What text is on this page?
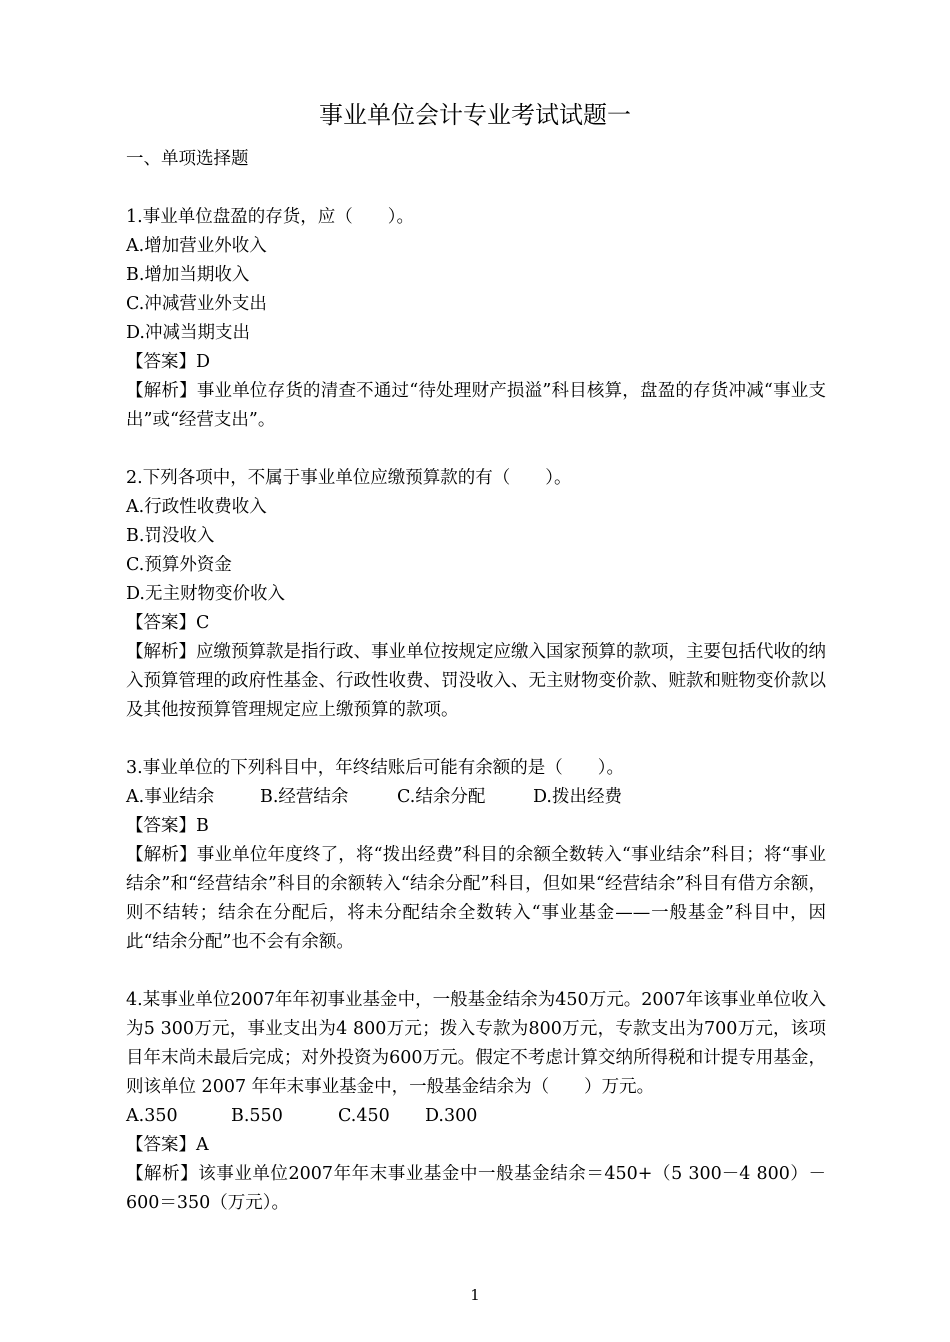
事业单位会计专业考试试题一
一、单项选择题
1.事业单位盘盈的存货，应（　　）。
A.增加营业外收入
B.增加当期收入
C.冲减营业外支出
D.冲减当期支出
【答案】D
【解析】事业单位存货的清查不通过“待处理财产损溢”科目核算，盘盈的存货冲减“事业支出”或“经营支出”。
2.下列各项中，不属于事业单位应缴预算款的有（　　）。
A.行政性收费收入
B.罚没收入
C.预算外资金
D.无主财物变价收入
【答案】C
【解析】应缴预算款是指行政、事业单位按规定应缴入国家预算的款项，主要包括代收的纳入预算管理的政府性基金、行政性收费、罚没收入、无主财物变价款、赃款和赃物变价款以及其他按预算管理规定应上缴预算的款项。
3.事业单位的下列科目中，年终结账后可能有余额的是（　　）。
A.事业结余	B.经营结余	C.结余分配	D.拨出经费
【答案】B
【解析】事业单位年度终了，将“拨出经费”科目的余额全数转入“事业结余”科目；将“事业结余”和“经营结余”科目的余额转入“结余分配”科目，但如果“经营结余”科目有借方余额，则不结转；结余在分配后，将未分配结余全数转入“事业基金——一般基金”科目中，因此“结余分配”也不会有余额。
4.某事业单位2007年年初事业基金中，一般基金结余为450万元。2007年该事业单位收入为5 300万元，事业支出为4 800万元；拨入专款为800万元，专款支出为700万元，该项目年末尚未最后完成；对外投资为600万元。假定不考虑计算交纳所得税和计提专用基金，则该单位 2007 年年末事业基金中，一般基金结余为（　　）万元。
A.350	B.550	C.450 D.300
【答案】A
【解析】该事业单位2007年年末事业基金中一般基金结余＝450+（5 300－4 800）－600＝350（万元）。
1
